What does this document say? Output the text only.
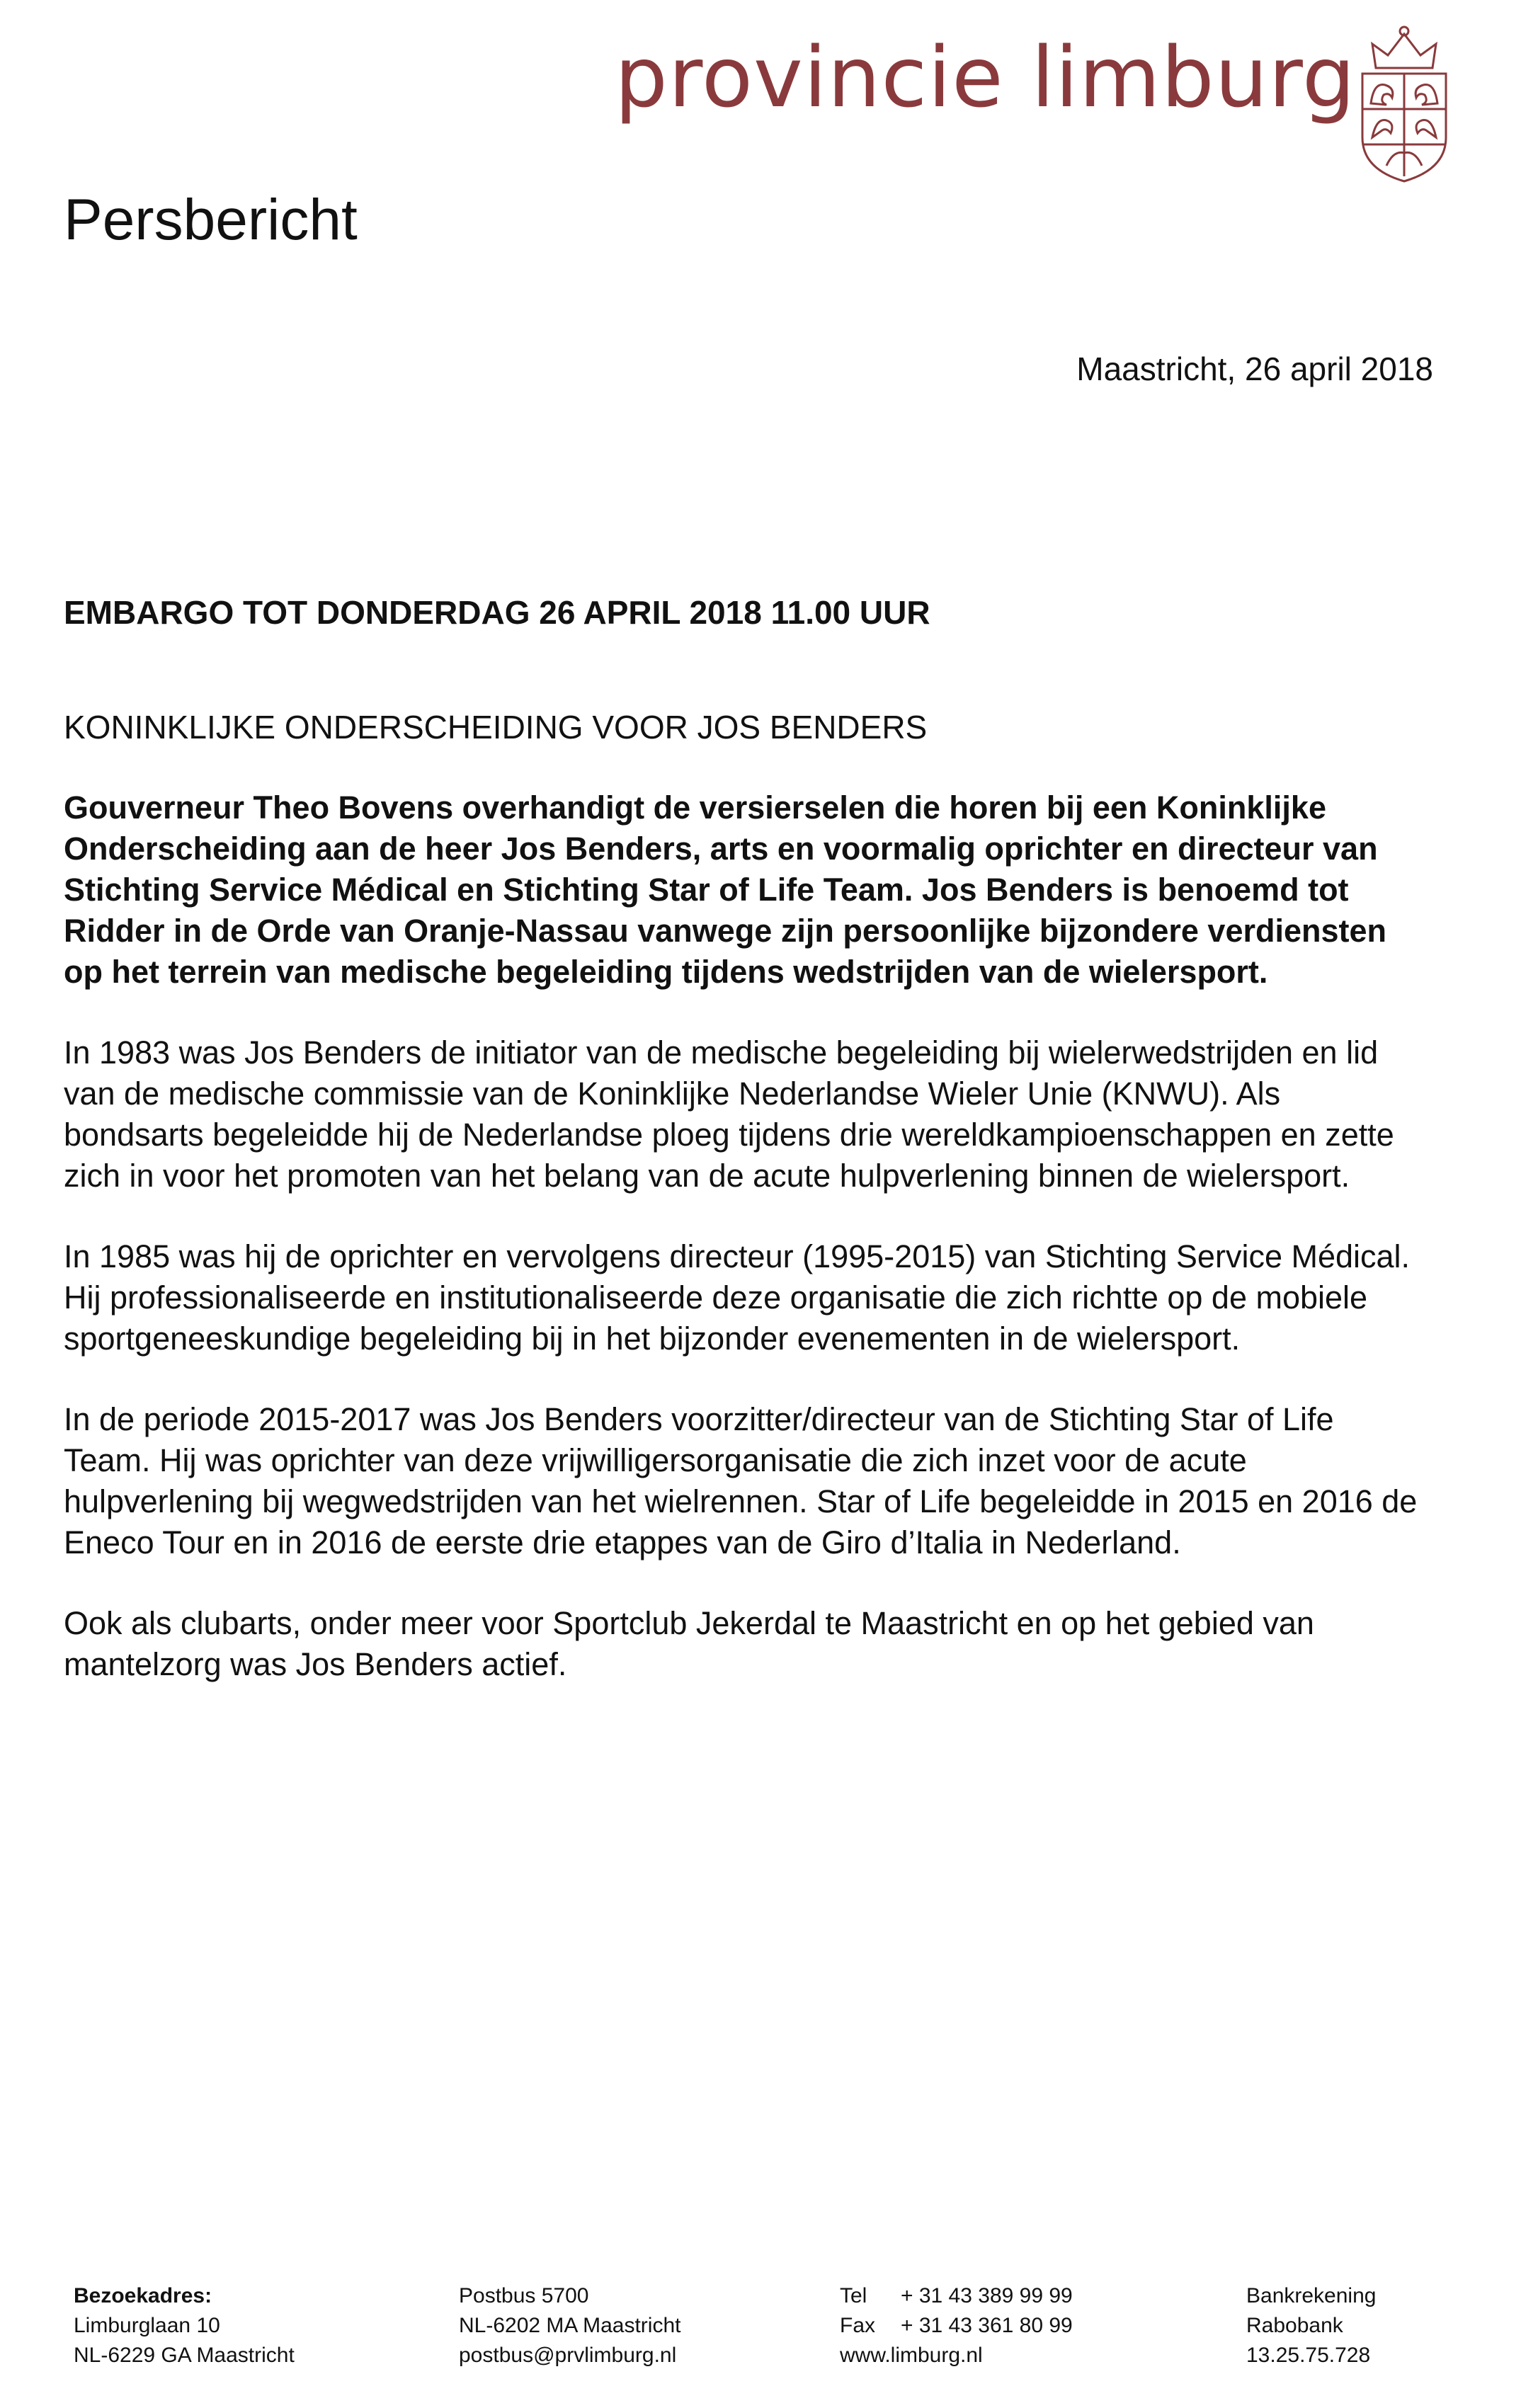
provincie limburg
Persbericht
Maastricht, 26 april 2018
EMBARGO TOT DONDERDAG 26 APRIL 2018 11.00 UUR
KONINKLIJKE ONDERSCHEIDING VOOR JOS BENDERS

Gouverneur Theo Bovens overhandigt de versierselen die horen bij een Koninklijke
Onderscheiding aan de heer Jos Benders, arts en voormalig oprichter en directeur van
Stichting Service Médical en Stichting Star of Life Team. Jos Benders is benoemd tot
Ridder in de Orde van Oranje-Nassau vanwege zijn persoonlijke bijzondere verdiensten
op het terrein van medische begeleiding tijdens wedstrijden van de wielersport.

In 1983 was Jos Benders de initiator van de medische begeleiding bij wielerwedstrijden en lid
van de medische commissie van de Koninklijke Nederlandse Wieler Unie (KNWU). Als
bondsarts begeleidde hij de Nederlandse ploeg tijdens drie wereldkampioenschappen en zette
zich in voor het promoten van het belang van de acute hulpverlening binnen de wielersport.

In 1985 was hij de oprichter en vervolgens directeur (1995-2015) van Stichting Service Médical.
Hij professionaliseerde en institutionaliseerde deze organisatie die zich richtte op de mobiele
sportgeneeskundige begeleiding bij in het bijzonder evenementen in de wielersport.

In de periode 2015-2017 was Jos Benders voorzitter/directeur van de Stichting Star of Life
Team. Hij was oprichter van deze vrijwilligersorganisatie die zich inzet voor de acute
hulpverlening bij wegwedstrijden van het wielrennen. Star of Life begeleidde in 2015 en 2016 de
Eneco Tour en in 2016 de eerste drie etappes van de Giro d’Italia in Nederland.

Ook als clubarts, onder meer voor Sportclub Jekerdal te Maastricht en op het gebied van
mantelzorg was Jos Benders actief.

Bezoekadres:
Limburglaan 10
NL-6229 GA Maastricht
Postbus 5700
NL-6202 MA Maastricht
postbus@prvlimburg.nl
Tel + 31 43 389 99 99
Fax + 31 43 361 80 99
www.limburg.nl
Bankrekening
Rabobank
13.25.75.728
